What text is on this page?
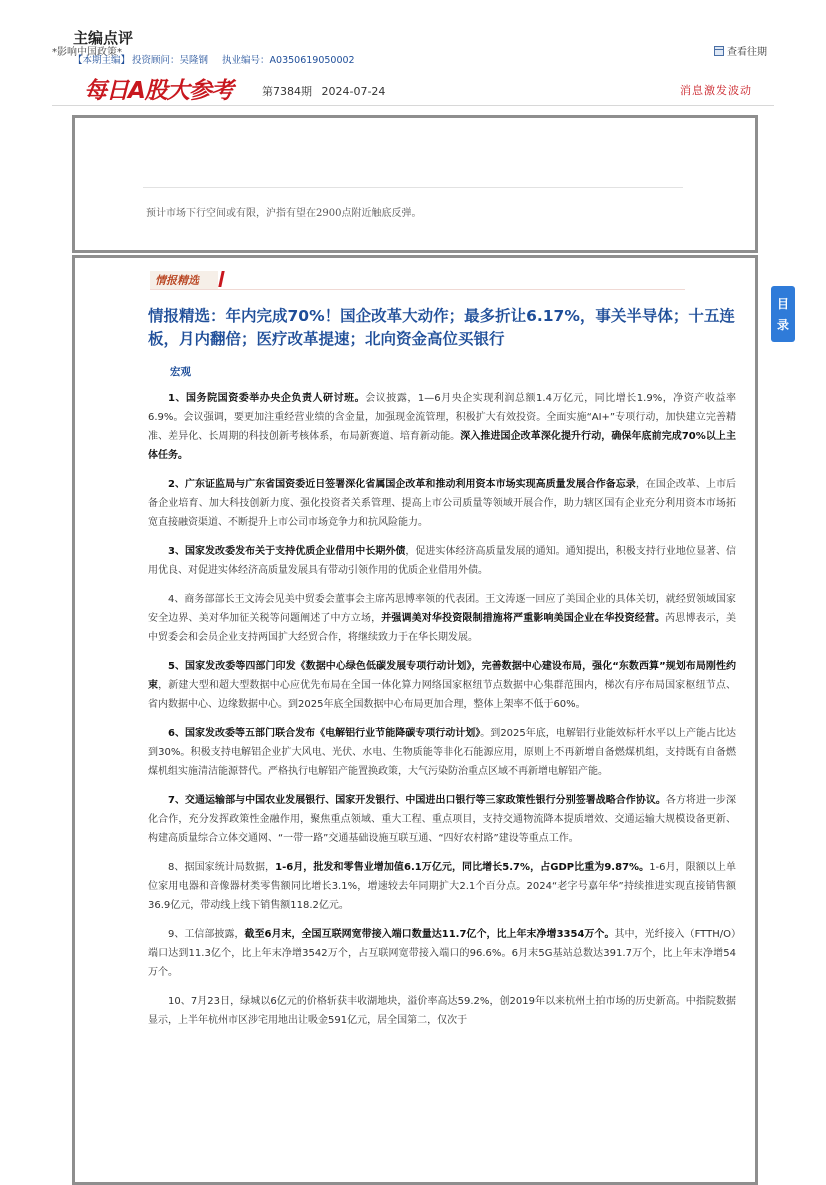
*影响中国政策*	查看往期
每日A股大参考	第7384期 2024-07-24	消息激发波动
主编点评
【本期主编】 投资顾问：吴隆钢 执业编号：A0350619050002
预计市场下行空间或有限，沪指有望在2900点附近触底反弹。
情报精选
情报精选：年内完成70%！国企改革大动作；最多折让6.17%，事关半导体；十五连板，月内翻倍；医疗改革提速；北向资金高位买银行
宏观

1、国务院国资委举办央企负责人研讨班。会议披露，1—6月央企实现利润总额1.4万亿元，同比增长1.9%，净资产收益率6.9%。会议强调，要更加注重经营业绩的含金量，加强现金流管理，积极扩大有效投资。全面实施“AI+”专项行动，加快建立完善精准、差异化、长周期的科技创新考核体系，布局新赛道、培育新动能。深入推进国企改革深化提升行动，确保年底前完成70%以上主体任务。

2、广东证监局与广东省国资委近日签署深化省属国企改革和推动利用资本市场实现高质量发展合作备忘录，在国企改革、上市后备企业培育、加大科技创新力度、强化投资者关系管理、提高上市公司质量等领域开展合作，助力辖区国有企业充分利用资本市场拓宽直接融资渠道、不断提升上市公司市场竞争力和抗风险能力。

3、国家发改委发布关于支持优质企业借用中长期外债，促进实体经济高质量发展的通知。通知提出，积极支持行业地位显著、信用优良、对促进实体经济高质量发展具有带动引领作用的优质企业借用外债。

4、商务部部长王文涛会见美中贸委会董事会主席芮思博率领的代表团。王文涛逐一回应了美国企业的具体关切，就经贸领域国家安全边界、美对华加征关税等问题阐述了中方立场，并强调美对华投资限制措施将严重影响美国企业在华投资经营。芮思博表示，美中贸委会和会员企业支持两国扩大经贸合作，将继续致力于在华长期发展。

5、国家发改委等四部门印发《数据中心绿色低碳发展专项行动计划》，完善数据中心建设布局，强化“东数西算”规划布局刚性约束，新建大型和超大型数据中心应优先布局在全国一体化算力网络国家枢纽节点数据中心集群范围内，梯次有序布局国家枢纽节点、省内数据中心、边缘数据中心。到2025年底全国数据中心布局更加合理，整体上架率不低于60%。

6、国家发改委等五部门联合发布《电解铝行业节能降碳专项行动计划》。到2025年底，电解铝行业能效标杆水平以上产能占比达到30%。积极支持电解铝企业扩大风电、光伏、水电、生物质能等非化石能源应用，原则上不再新增自备燃煤机组，支持既有自备燃煤机组实施清洁能源替代。严格执行电解铝产能置换政策，大气污染防治重点区域不再新增电解铝产能。

7、交通运输部与中国农业发展银行、国家开发银行、中国进出口银行等三家政策性银行分别签署战略合作协议。各方将进一步深化合作，充分发挥政策性金融作用，聚焦重点领域、重大工程、重点项目，支持交通物流降本提质增效、交通运输大规模设备更新、构建高质量综合立体交通网、“一带一路”交通基础设施互联互通、“四好农村路”建设等重点工作。

8、据国家统计局数据，1-6月，批发和零售业增加值6.1万亿元，同比增长5.7%，占GDP比重为9.87%。1-6月，限额以上单位家用电器和音像器材类零售额同比增长3.1%，增速较去年同期扩大2.1个百分点。2024“老字号嘉年华”持续推进实现直接销售额36.9亿元，带动线上线下销售额118.2亿元。

9、工信部披露，截至6月末，全国互联网宽带接入端口数量达11.7亿个，比上年末净增3354万个。其中，光纤接入（FTTH/O）端口达到11.3亿个，比上年末净增3542万个，占互联网宽带接入端口的96.6%。6月末5G基站总数达391.7万个，比上年末净增54万个。

10、7月23日，绿城以6亿元的价格斩获丰收湖地块，溢价率高达59.2%，创2019年以来杭州土拍市场的历史新高。中指院数据显示，上半年杭州市区涉宅用地出让吸金591亿元，居全国第二，仅次于

目
录
